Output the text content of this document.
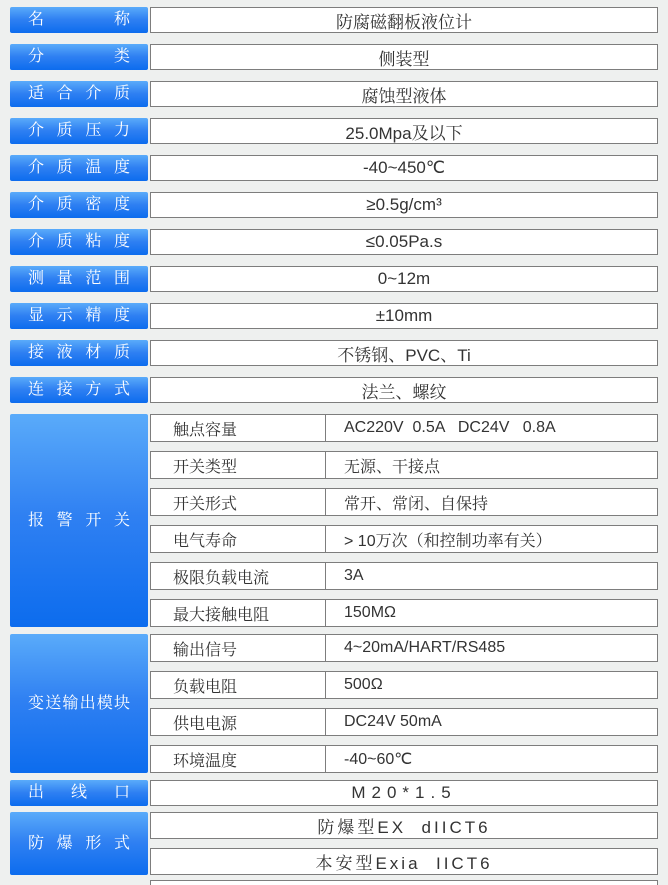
名称	防腐磁翻板液位计
分类	侧装型
适合介质	腐蚀型液体
介质压力	25.0Mpa及以下
介质温度	-40~450℃
介质密度	≥0.5g/cm³
介质粘度	≤0.05Pa.s
测量范围	0~12m
显示精度	±10mm
接液材质	不锈钢、PVC、Ti
连接方式	法兰、螺纹
报警开关
触点容量	AC220V  0.5A   DC24V   0.8A
开关类型	无源、干接点
开关形式	常开、常闭、自保持
电气寿命	> 10万次（和控制功率有关）
极限负载电流	3A
最大接触电阻	150MΩ
变送输出模块
输出信号	4~20mA/HART/RS485
负载电阻	500Ω
供电电源	DC24V 50mA
环境温度	-40~60℃
出线口	M20*1.5
防爆形式
防爆型EX  dIICT6
本安型Exia  IICT6
